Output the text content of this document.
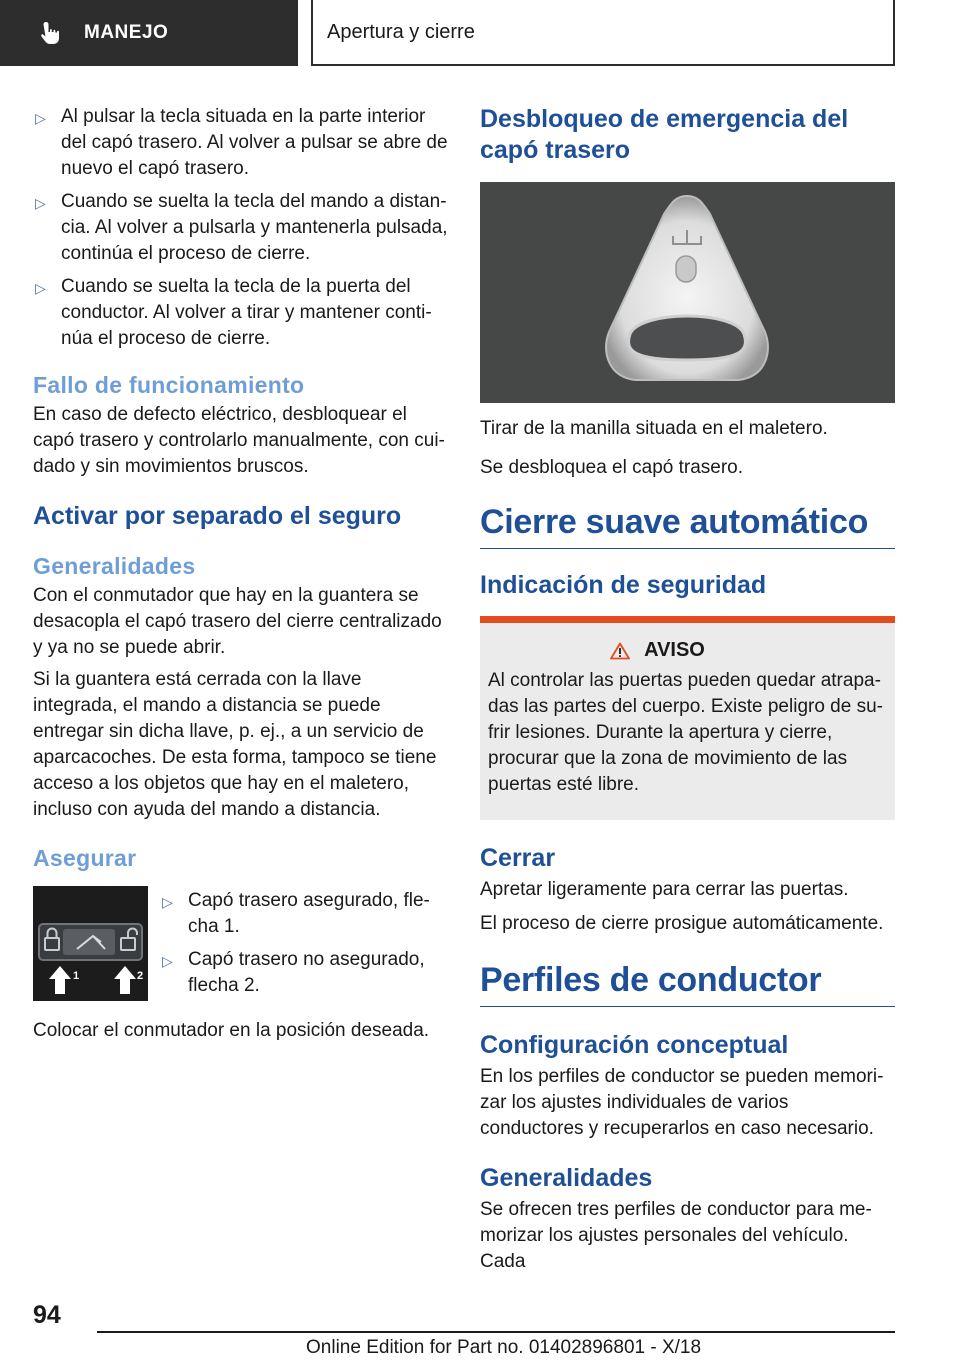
MANEJO	Apertura y cierre
▷ Al pulsar la tecla situada en la parte interior del capó trasero. Al volver a pulsar se abre de nuevo el capó trasero.
▷ Cuando se suelta la tecla del mando a distancia. Al volver a pulsarla y mantenerla pulsada, continúa el proceso de cierre.
▷ Cuando se suelta la tecla de la puerta del conductor. Al volver a tirar y mantener continúa el proceso de cierre.
Fallo de funcionamiento

En caso de defecto eléctrico, desbloquear el capó trasero y controlarlo manualmente, con cuidado y sin movimientos bruscos.

Activar por separado el seguro
Generalidades

Con el conmutador que hay en la guantera se desacopla el capó trasero del cierre centralizado y ya no se puede abrir.

Si la guantera está cerrada con la llave integrada, el mando a distancia se puede entregar sin dicha llave, p. ej., a un servicio de aparcacoches. De esta forma, tampoco se tiene acceso a los objetos que hay en el maletero, incluso con ayuda del mando a distancia.

Asegurar
1	2
▷ Capó trasero asegurado, flecha 1.
▷ Capó trasero no asegurado, flecha 2.

Colocar el conmutador en la posición deseada.

Desbloqueo de emergencia del capó trasero

Tirar de la manilla situada en el maletero.

Se desbloquea el capó trasero.

Cierre suave automático
Indicación de seguridad
AVISO

Al controlar las puertas pueden quedar atrapadas las partes del cuerpo. Existe peligro de sufrir lesiones. Durante la apertura y cierre, procurar que la zona de movimiento de las puertas esté libre.

Cerrar

Apretar ligeramente para cerrar las puertas.

El proceso de cierre prosigue automáticamente.

Perfiles de conductor
Configuración conceptual

En los perfiles de conductor se pueden memorizar los ajustes individuales de varios conductores y recuperarlos en caso necesario.

Generalidades

Se ofrecen tres perfiles de conductor para memorizar los ajustes personales del vehículo. Cada

94
Online Edition for Part no. 01402896801 - X/18
